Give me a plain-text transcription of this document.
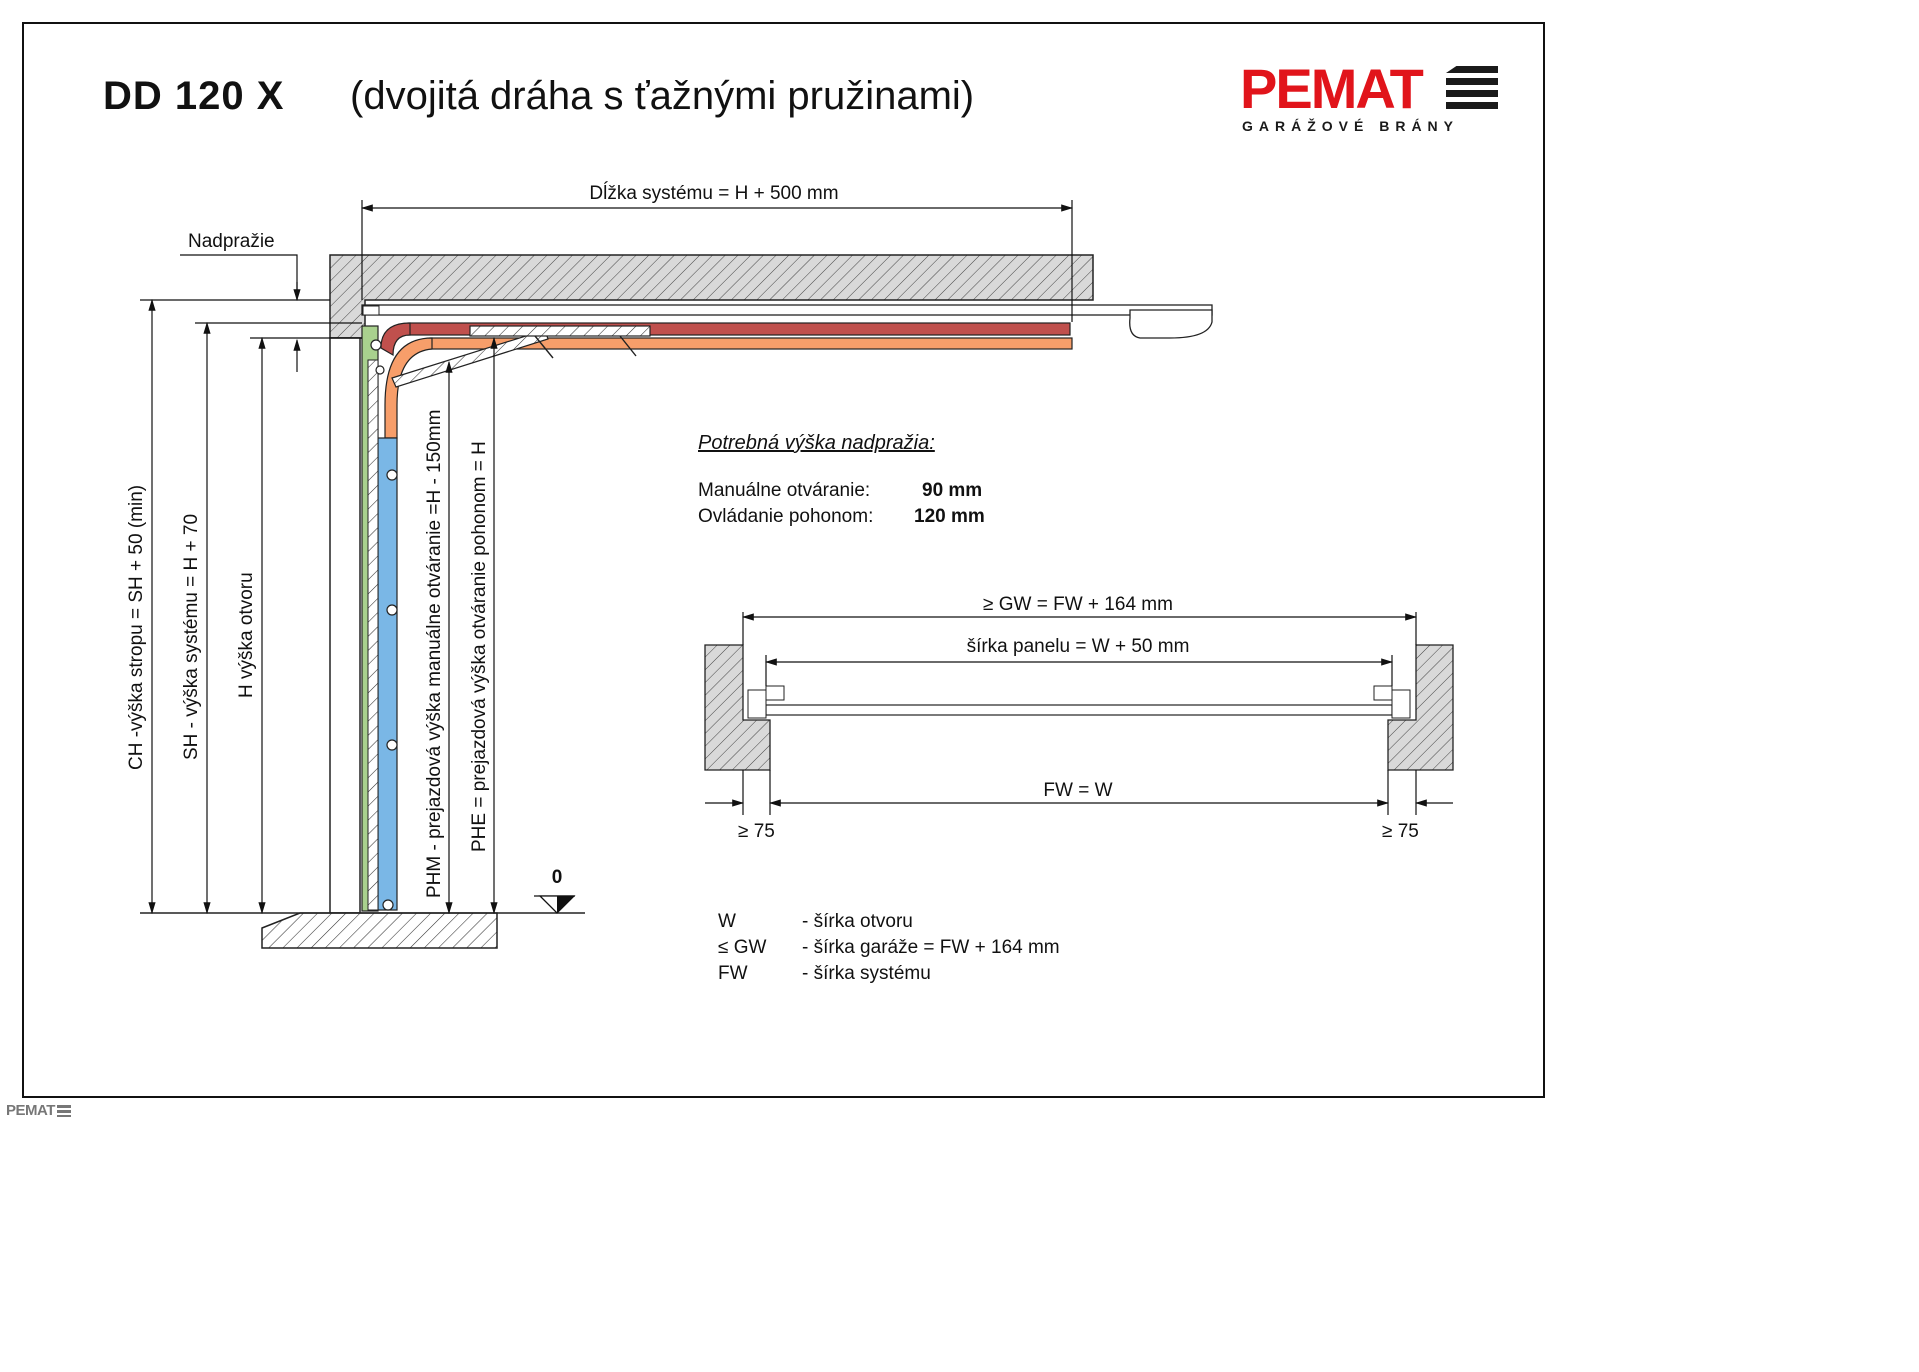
DD 120 X (dvojitá dráha s ťažnými pružinami)	PEMAT
GARÁŽOVÉ BRÁNY
PEMAT
Dĺžka systému = H + 500 mm
Nadpražie
CH -výška stropu = SH + 50 (min) SH - výška systému = H + 70 H výška otvoru	PHM - prejazdová výška manuálne otváranie =H - 150mm PHE = prejazdová výška otváranie pohonom = H
0
≥ GW = FW + 164 mm
šírka panelu = W + 50 mm
FW = W
≥ 75	≥ 75
Potrebná výška nadpražia:
Manuálne otváranie:	90 mm
Ovládanie pohonom:	120 mm
W	- šírka otvoru
≤ GW	- šírka garáže = FW + 164 mm
FW	- šírka systému
